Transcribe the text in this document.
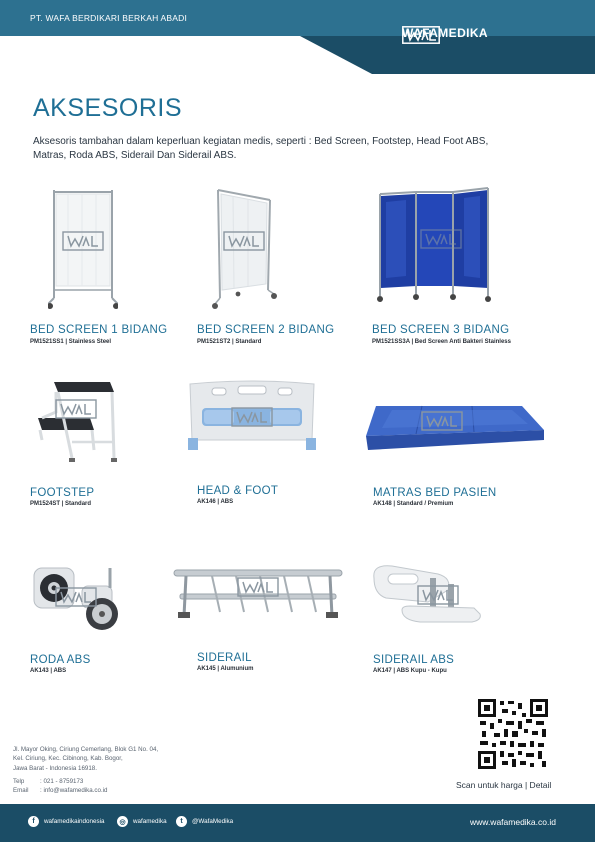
PT. WAFA BERDIKARI BERKAH ABADI
WAFAMEDIKA
AKSESORIS
Aksesoris tambahan dalam keperluan kegiatan medis, seperti : Bed Screen, Footstep, Head Foot ABS, Matras, Roda ABS, Siderail Dan Siderail ABS.
BED SCREEN 1 BIDANG
PM1521SS1 | Stainless Steel
BED SCREEN 2 BIDANG
PM1521ST2 | Standard
BED SCREEN 3 BIDANG
PM1521SS3A | Bed Screen Anti Bakteri Stainless
FOOTSTEP
PM1524ST | Standard
HEAD & FOOT
AK146 | ABS
MATRAS BED PASIEN
AK148 | Standard / Premium
RODA ABS
AK143 | ABS
SIDERAIL
AK145 | Alumunium
SIDERAIL ABS
AK147 | ABS Kupu - Kupu
Jl. Mayor Oking, Ciriung Cemerlang, Blok G1 No. 04,
Kel. Ciriung, Kec. Cibinong, Kab. Bogor,
Jawa Barat - Indonesia 16918.
Telp	: 021 - 8759173
Email	: info@wafamedika.co.id
Scan untuk harga | Detail
f	wafamedikaindonesia	◎	wafamedika	t	@WafaMedika	www.wafamedika.co.id
